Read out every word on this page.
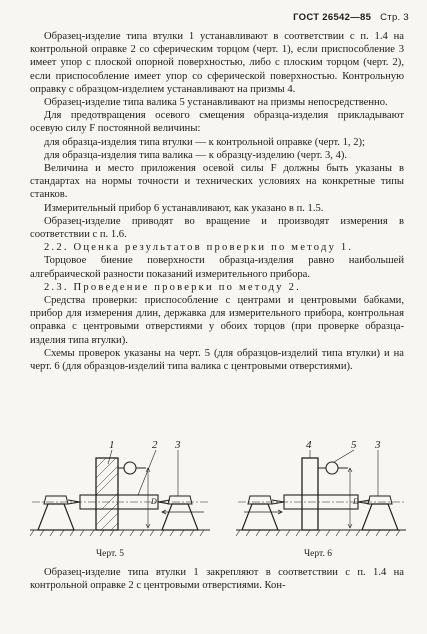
ГОСТ 26542—85 Стр. 3

Образец-изделие типа втулки 1 устанавливают в соответствии с п. 1.4 на контрольной оправке 2 со сферическим торцом (черт. 1), если приспособление 3 имеет упор с плоской опорной поверхностью, либо с плоским торцом (черт. 2), если приспособление имеет упор со сферической поверхностью. Контрольную оправку с образцом-изделием устанавливают на призмы 4.

Образец-изделие типа валика 5 устанавливают на призмы непосредственно.

Для предотвращения осевого смещения образца-изделия прикладывают осевую силу F постоянной величины:

для образца-изделия типа втулки — к контрольной оправке (черт. 1, 2);

для образца-изделия типа валика — к образцу-изделию (черт. 3, 4).

Величина и место приложения осевой силы F должны быть указаны в стандартах на нормы точности и технических условиях на конкретные типы станков.

Измерительный прибор 6 устанавливают, как указано в п. 1.5.

Образец-изделие приводят во вращение и производят измерения в соответствии с п. 1.6.

2.2. Оценка результатов проверки по методу 1.

Торцовое биение поверхности образца-изделия равно наибольшей алгебраической разности показаний измерительного прибора.

2.3. Проведение проверки по методу 2.

Средства проверки: приспособление с центрами и центровыми бабками, прибор для измерения длин, державка для измерительного прибора, контрольная оправка с центровыми отверстиями у обоих торцов (при проверке образца-изделия типа втулки).

Схемы проверок указаны на черт. 5 (для образцов-изделий типа втулки) и на черт. 6 (для образцов-изделий типа валика с центровыми отверстиями).

1	2 3
D
Черт. 5
4	5 3
D
Черт. 6

Образец-изделие типа втулки 1 закрепляют в соответствии с п. 1.4 на контрольной оправке 2 с центровыми отверстиями. Кон-
